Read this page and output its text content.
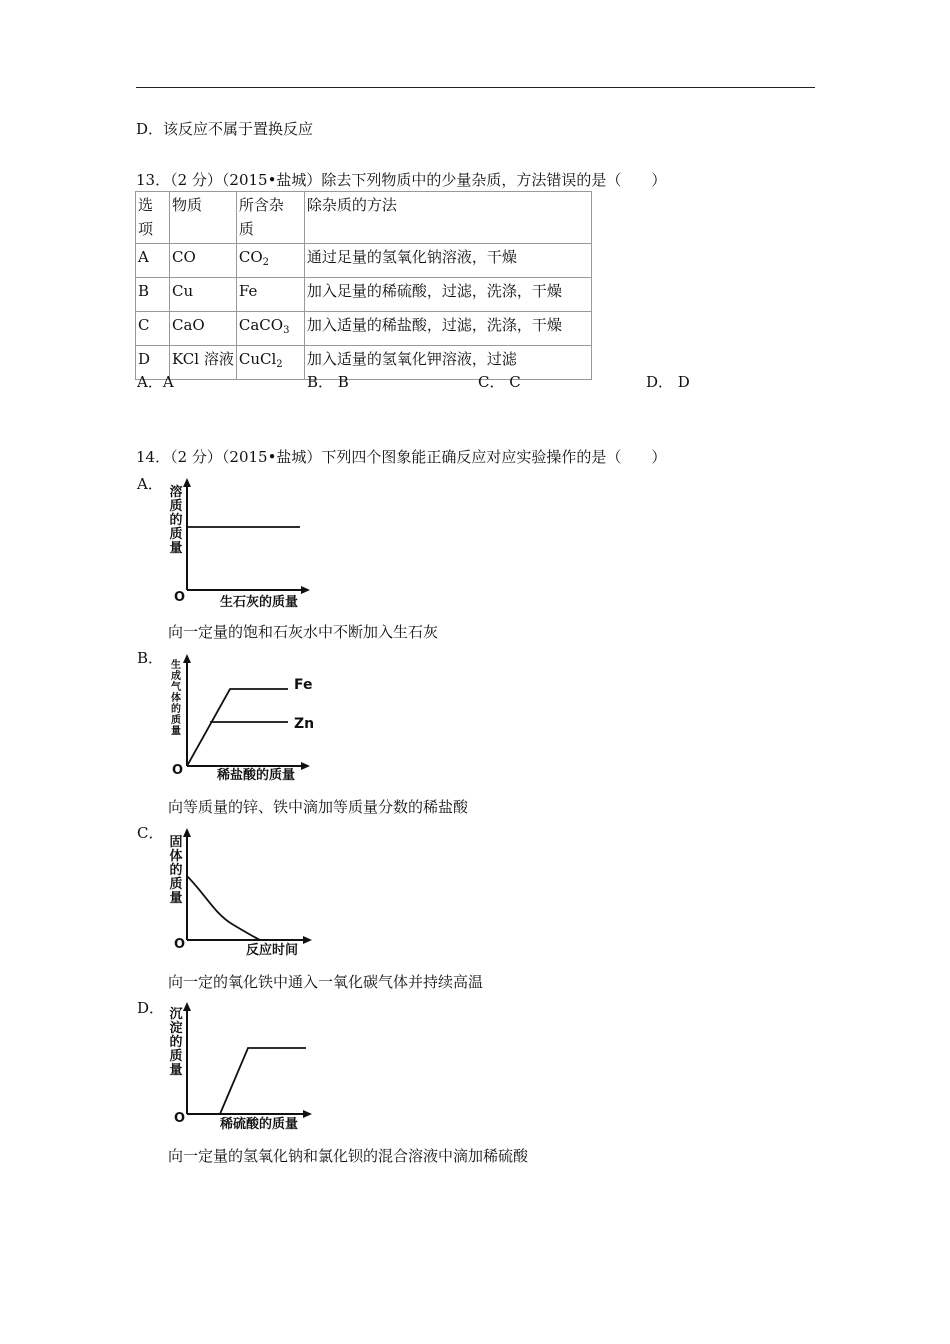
D．该反应不属于置换反应
13．（2 分）（2015•盐城）除去下列物质中的少量杂质，方法错误的是（　　）
选项	物质	所含杂质	除杂质的方法
A	CO	$CO_2$	通过足量的氢氧化钠溶液，干燥
B	Cu	Fe	加入足量的稀硫酸，过滤，洗涤，干燥
C	CaO	CaCO$_3$	加入适量的稀盐酸，过滤，洗涤，干燥
D	KCl 溶液	CuCl$_2$	加入适量的氢氧化钾溶液，过滤
A．A	B． B	C． C	D． D
14．（2 分）（2015•盐城）下列四个图象能正确反应对应实验操作的是（　　）
A． 溶质的质量
生石灰的质量
O
向一定量的饱和石灰水中不断加入生石灰
B．
Fe
Zn
生成气体的质量
稀盐酸的质量
O
向等质量的锌、铁中滴加等质量分数的稀盐酸
C．
固体的质量
反应时间
O
向一定的氧化铁中通入一氧化碳气体并持续高温
D． 沉淀的质量
稀硫酸的质量
O
向一定量的氢氧化钠和氯化钡的混合溶液中滴加稀硫酸
